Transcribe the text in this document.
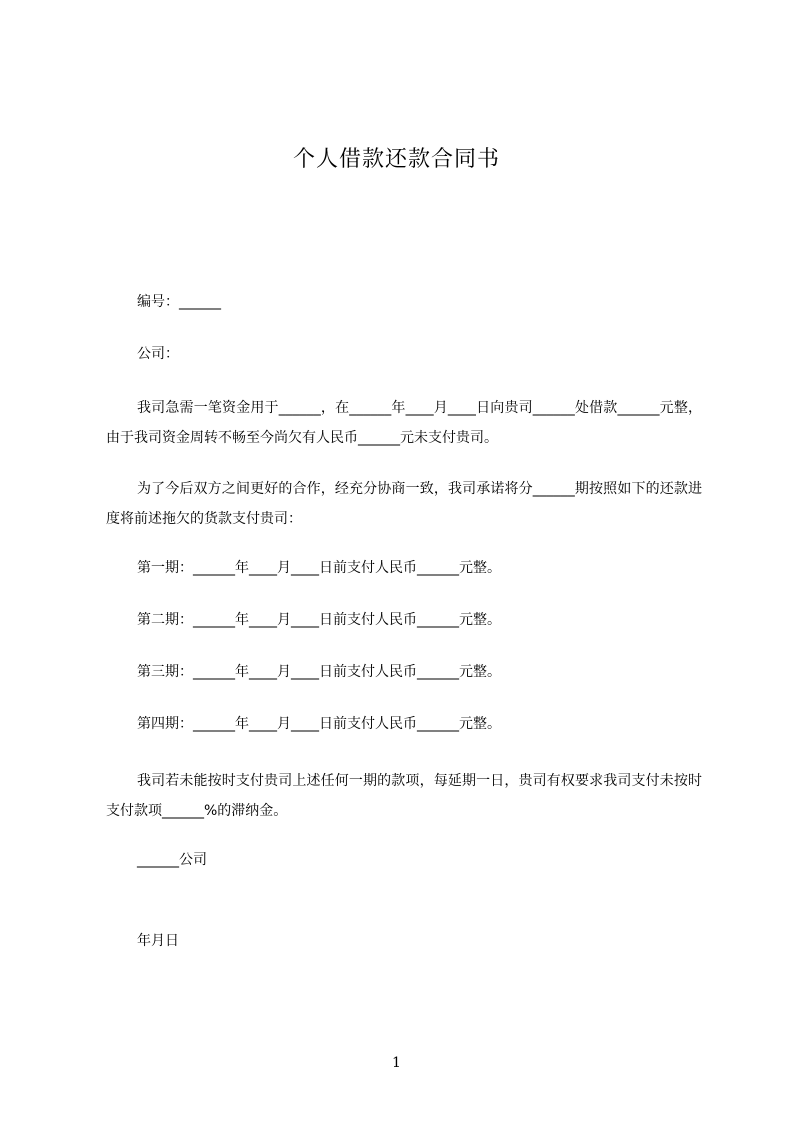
个人借款还款合同书
编号：______
公司：
我司急需一笔资金用于______，在______年____月____日向贵司______处借款______元整，由于我司资金周转不畅至今尚欠有人民币______元未支付贵司。
为了今后双方之间更好的合作，经充分协商一致，我司承诺将分______期按照如下的还款进度将前述拖欠的货款支付贵司：
第一期：______年____月____日前支付人民币______元整。
第二期：______年____月____日前支付人民币______元整。
第三期：______年____月____日前支付人民币______元整。
第四期：______年____月____日前支付人民币______元整。
我司若未能按时支付贵司上述任何一期的款项，每延期一日，贵司有权要求我司支付未按时支付款项______%的滞纳金。
______公司
年月日
1
